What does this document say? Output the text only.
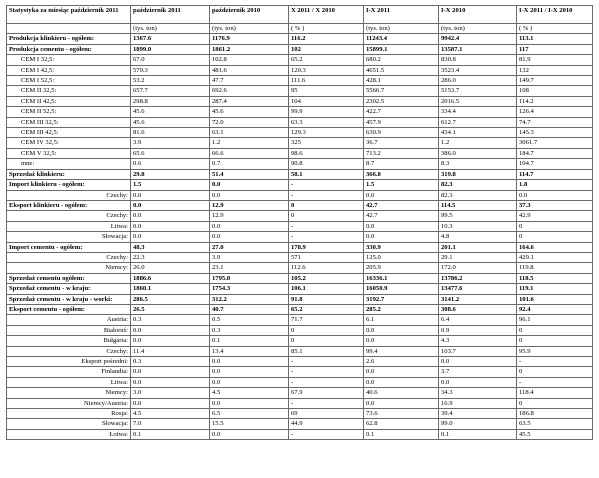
Statystyka za miesiąc październik 2011	październik 2011	październik 2010	X 2011 / X 2010	I-X 2011	I-X 2010	I-X 2011 / I-X 2010
	(tys. ton)	(tys. ton)	( % )	(tys. ton)	(tys. ton)	( % )
Produkcja klinkieru - ogółem:	1367.6	1176.9	116.2	11243.4	9942.4	113.1
Produkcja cementu - ogółem:	1899.0	1861.2	102	15899.1	13587.1	117
CEM I 32,5:	67.0	102.8	65.2	680.2	830.8	81.9
CEM I 42,5:	579.3	481.6	120.3	4651.5	3523.4	132
CEM I 52,5:	53.2	47.7	111.6	428.1	286.0	149.7
CEM II 32,5:	657.7	692.6	95	5566.7	5153.7	108
CEM II 42,5:	298.8	287.4	104	2302.5	2016.5	114.2
CEM II 52,5:	45.6	45.6	99.9	422.7	334.4	126.4
CEM III 32,5:	45.6	72.0	63.3	457.9	612.7	74.7
CEM III 42,5:	81.6	63.1	129.3	630.9	434.1	145.3
CEM IV 32,5:	3.9	1.2	325	36.7	1.2	3061.7
CEM V 32,5:	65.6	66.6	98.6	713.2	386.0	184.7
inne:	0.6	0.7	90.8	8.7	8.3	104.7
Sprzedaż klinkieru:	29.8	51.4	58.1	366.8	319.8	114.7
Import klinkieru - ogółem:	1.5	0.0	-	1.5	82.3	1.8
Czechy:	0.0	0.0	-	0.0	82.3	0.0
Eksport klinkieru - ogółem:	0.0	12.9	0	42.7	114.5	37.3
Czechy:	0.0	12.9	0	42.7	99.5	42.9
Litwa:	0.0	0.0	-	0.0	10.3	0
Słowacja:	0.0	0.0	-	0.0	4.8	0
Import cementu - ogółem:	48.3	27.0	178.9	330.9	201.1	164.6
Czechy:	22.3	3.9	571	125.0	29.1	429.1
Niemcy:	26.0	23.1	112.6	205.9	172.0	119.8
Sprzedaż cementu ogółem:	1886.6	1795.0	105.2	16336.1	13786.2	118.5
Sprzedaż cementu - w kraju:	1860.1	1754.3	106.1	16050.9	13477.6	119.1
Sprzedaż cementu - w kraju - worki:	286.5	312.2	91.8	3192.7	3141.2	101.6
Eksport cementu - ogółem:	26.5	40.7	65.2	285.2	308.6	92.4
Austria:	0.3	0.5	71.7	6.1	6.4	96.1
Białoruś:	0.0	0.3	0	0.0	0.9	0
Bułgaria:	0.0	0.1	0	0.0	4.3	0
Czechy:	11.4	13.4	85.1	99.4	103.7	95.9
Eksport pośredni:	0.3	0.0	-	2.6	0.0	-
Finlandia:	0.0	0.0	-	0.0	3.7	0
Litwa:	0.0	0.0	-	0.0	0.0	-
Niemcy:	3.0	4.5	67.9	40.6	34.3	118.4
Niemcy/Austria:	0.0	0.0	-	0.0	16.9	0
Rosja:	4.5	6.5	69	73.6	39.4	186.8
Słowacja:	7.0	15.5	44.9	62.8	99.0	63.5
Łotwa:	0.1	0.0	-	0.1	0.1	45.5
